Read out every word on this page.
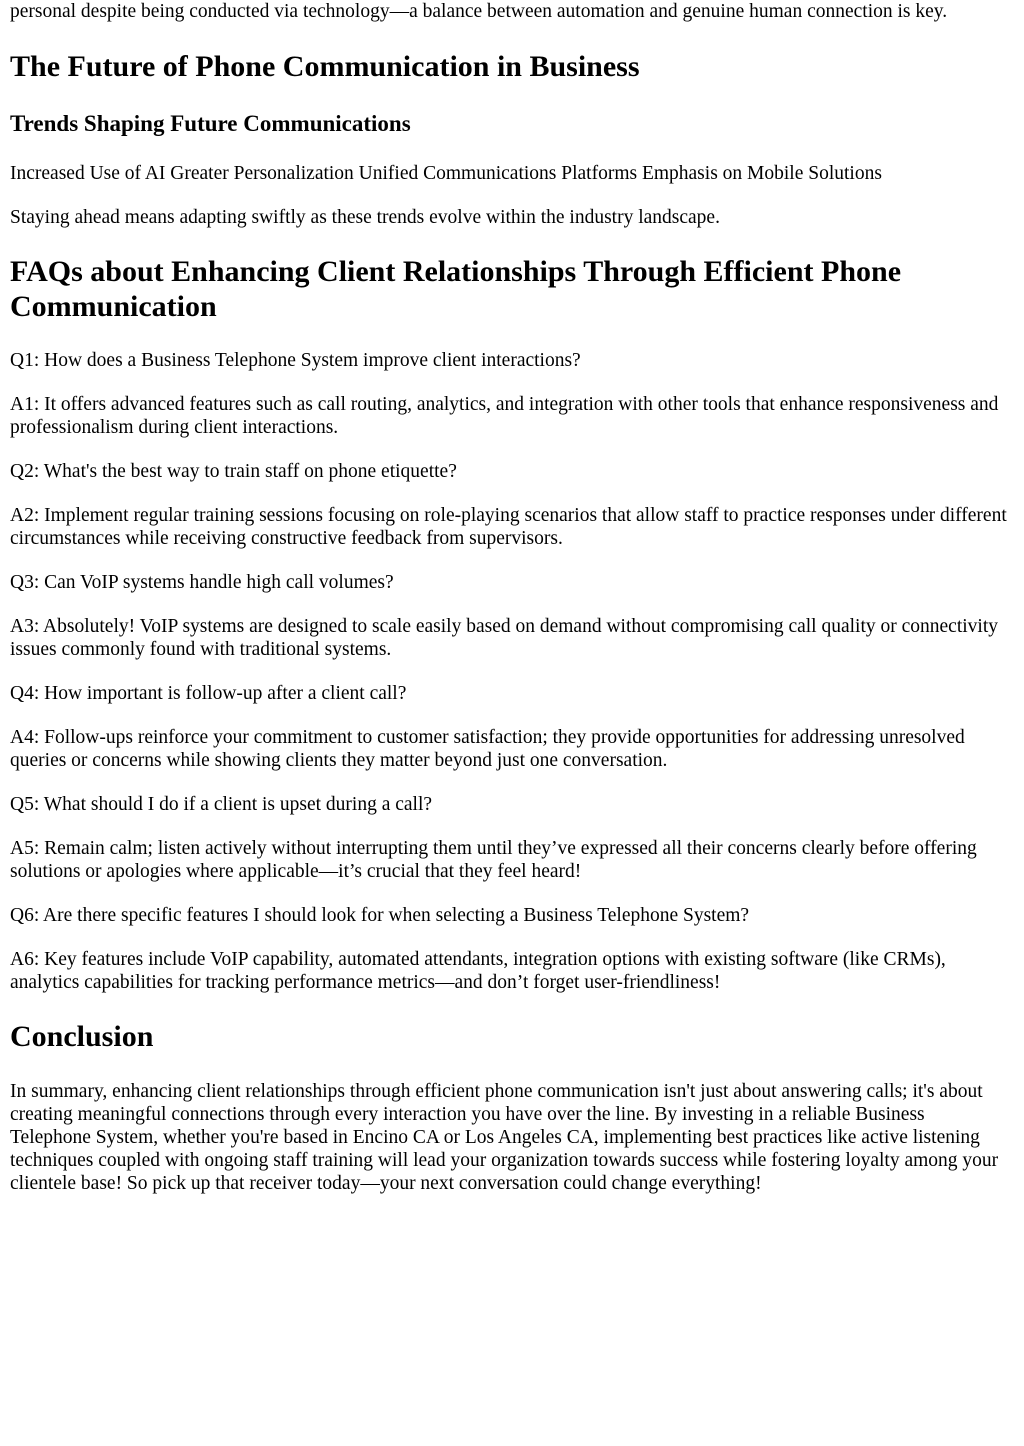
personal despite being conducted via technology—a balance between automation and genuine human connection is key.

The Future of Phone Communication in Business
Trends Shaping Future Communications

Increased Use of AI Greater Personalization Unified Communications Platforms Emphasis on Mobile Solutions

Staying ahead means adapting swiftly as these trends evolve within the industry landscape.

FAQs about Enhancing Client Relationships Through Efficient Phone Communication

Q1: How does a Business Telephone System improve client interactions?

A1: It offers advanced features such as call routing, analytics, and integration with other tools that enhance responsiveness and professionalism during client interactions.

Q2: What's the best way to train staff on phone etiquette?

A2: Implement regular training sessions focusing on role-playing scenarios that allow staff to practice responses under different circumstances while receiving constructive feedback from supervisors.

Q3: Can VoIP systems handle high call volumes?

A3: Absolutely! VoIP systems are designed to scale easily based on demand without compromising call quality or connectivity issues commonly found with traditional systems.

Q4: How important is follow-up after a client call?

A4: Follow-ups reinforce your commitment to customer satisfaction; they provide opportunities for addressing unresolved queries or concerns while showing clients they matter beyond just one conversation.

Q5: What should I do if a client is upset during a call?

A5: Remain calm; listen actively without interrupting them until they’ve expressed all their concerns clearly before offering solutions or apologies where applicable—it’s crucial that they feel heard!

Q6: Are there specific features I should look for when selecting a Business Telephone System?

A6: Key features include VoIP capability, automated attendants, integration options with existing software (like CRMs), analytics capabilities for tracking performance metrics—and don’t forget user-friendliness!

Conclusion

In summary, enhancing client relationships through efficient phone communication isn't just about answering calls; it's about creating meaningful connections through every interaction you have over the line. By investing in a reliable Business Telephone System, whether you're based in Encino CA or Los Angeles CA, implementing best practices like active listening techniques coupled with ongoing staff training will lead your organization towards success while fostering loyalty among your clientele base! So pick up that receiver today—your next conversation could change everything!
